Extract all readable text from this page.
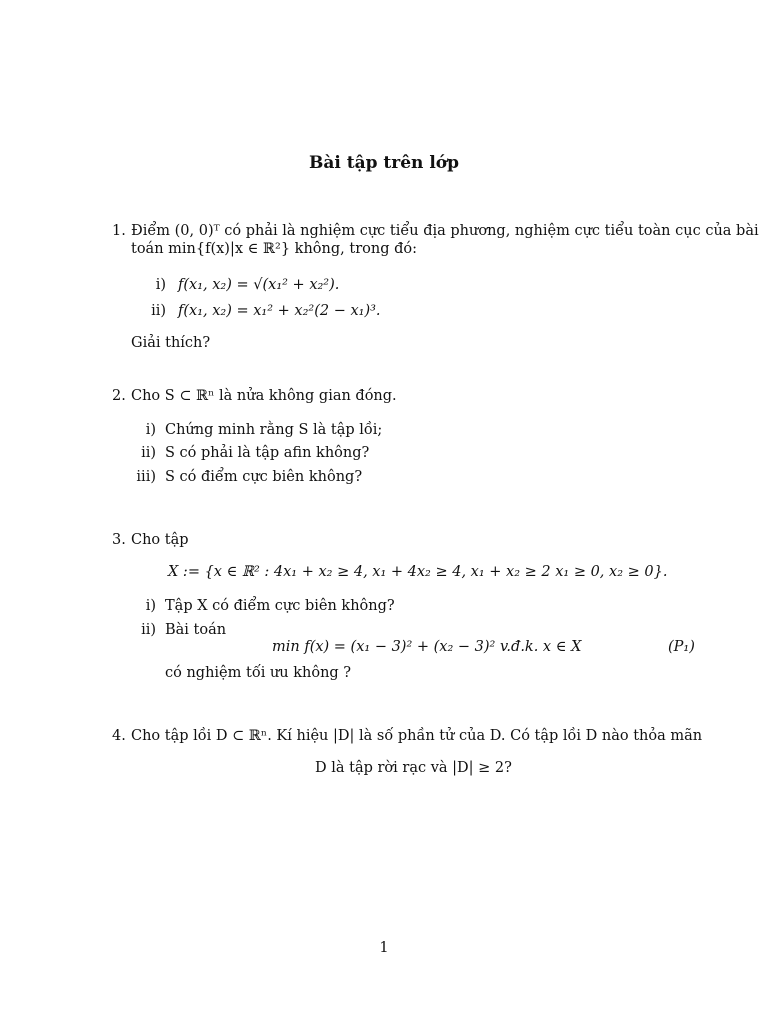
Bài tập trên lớp
1. Điểm (0, 0)ᵀ có phải là nghiệm cực tiểu địa phương, nghiệm cực tiểu toàn cục của bài
toán min{f(x)|x ∈ ℝ²} không, trong đó:
i) f(x₁, x₂) = √(x₁² + x₂²).
ii) f(x₁, x₂) = x₁² + x₂²(2 − x₁)³.
Giải thích?
2. Cho S ⊂ ℝⁿ là nửa không gian đóng.
i) Chứng minh rằng S là tập lồi;
ii) S có phải là tập afin không?
iii) S có điểm cực biên không?
3. Cho tập
X := {x ∈ ℝ² : 4x₁ + x₂ ≥ 4, x₁ + 4x₂ ≥ 4, x₁ + x₂ ≥ 2 x₁ ≥ 0, x₂ ≥ 0}.
i) Tập X có điểm cực biên không?
ii) Bài toán
min f(x) = (x₁ − 3)² + (x₂ − 3)² v.đ.k. x ∈ X	(P₁)
có nghiệm tối ưu không ?
4. Cho tập lồi D ⊂ ℝⁿ. Kí hiệu |D| là số phần tử của D. Có tập lồi D nào thỏa mãn
D là tập rời rạc và |D| ≥ 2?
1
